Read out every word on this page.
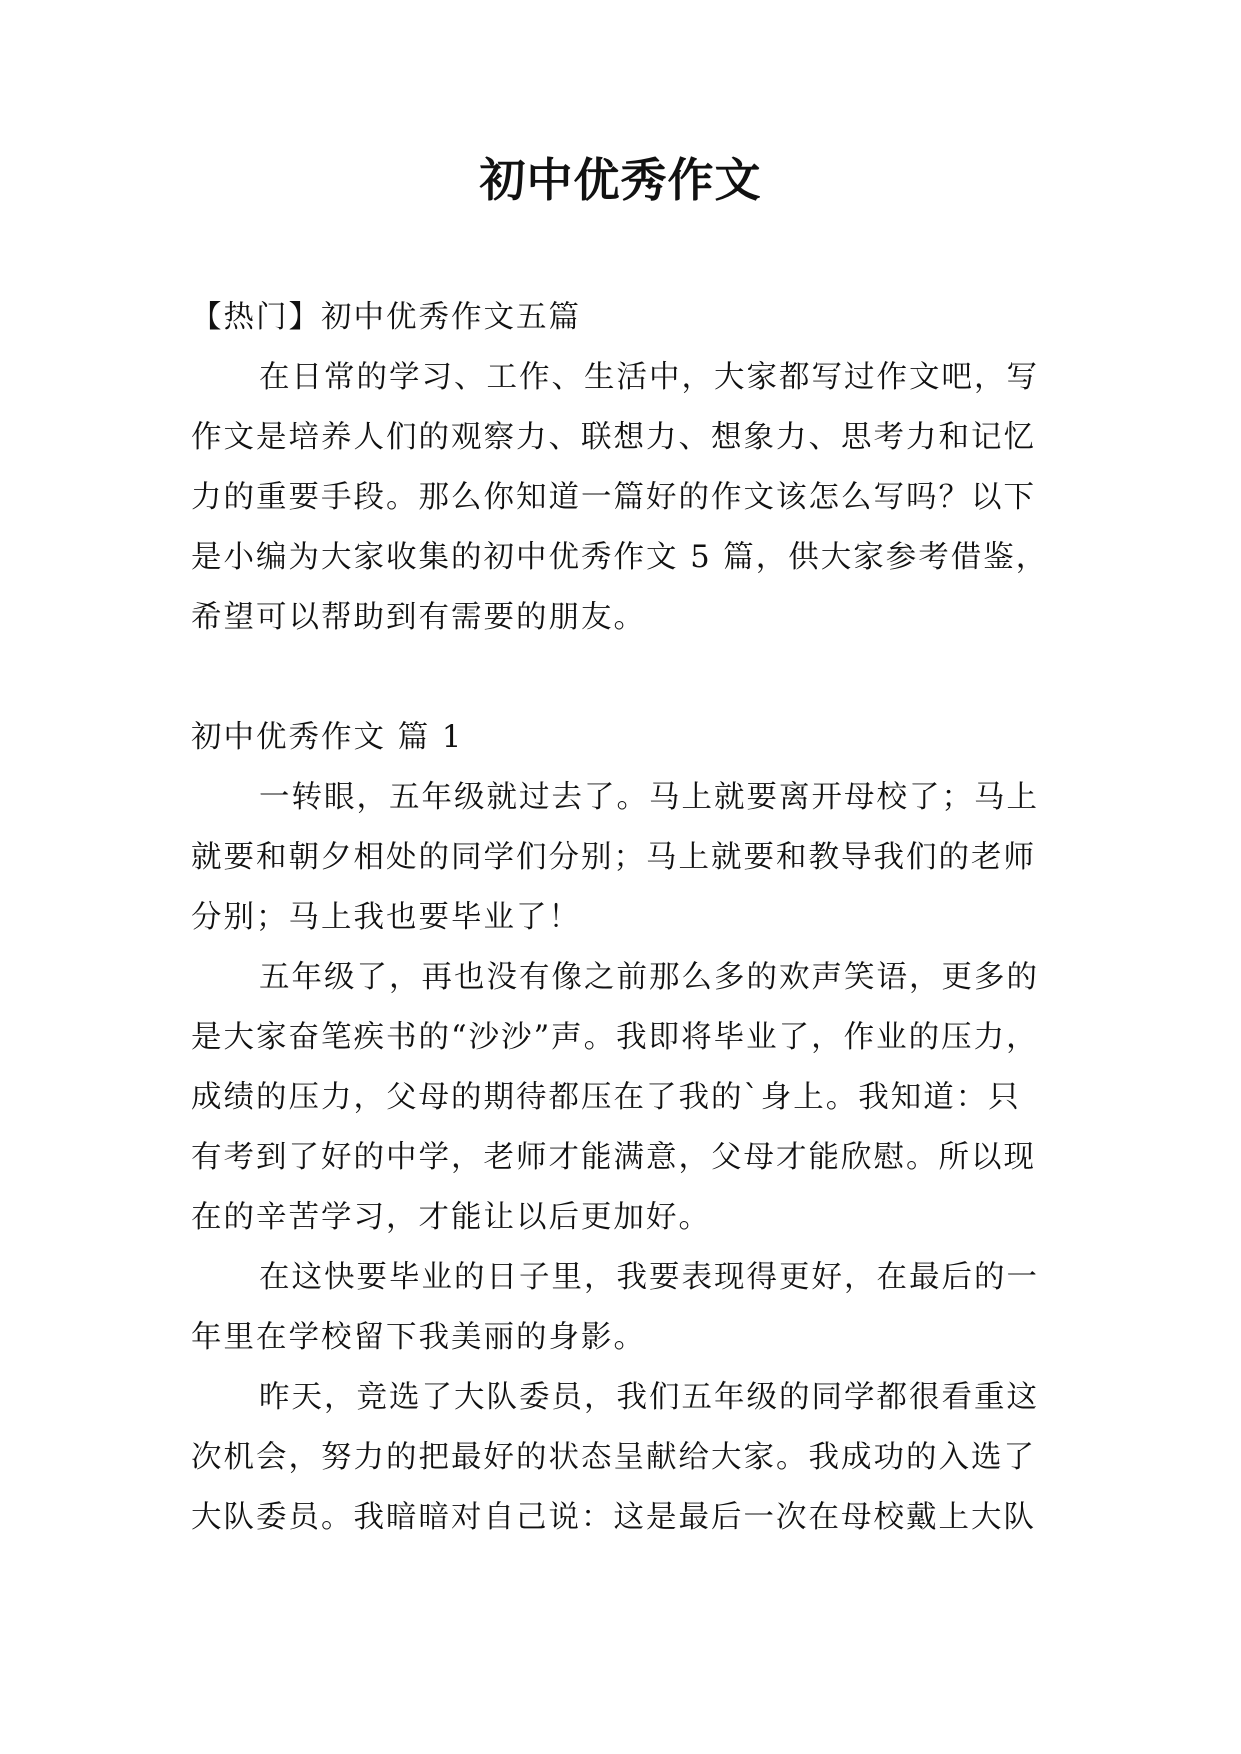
初中优秀作文
【热门】初中优秀作文五篇

在日常的学习、工作、生活中，大家都写过作文吧，写
作文是培养人们的观察力、联想力、想象力、思考力和记忆
力的重要手段。那么你知道一篇好的作文该怎么写吗？以下
是小编为大家收集的初中优秀作文 5 篇，供大家参考借鉴，
希望可以帮助到有需要的朋友。

初中优秀作文 篇 1

一转眼，五年级就过去了。马上就要离开母校了；马上
就要和朝夕相处的同学们分别；马上就要和教导我们的老师
分别；马上我也要毕业了！

五年级了，再也没有像之前那么多的欢声笑语，更多的
是大家奋笔疾书的“沙沙”声。我即将毕业了，作业的压力，
成绩的压力，父母的期待都压在了我的`身上。我知道：只
有考到了好的中学，老师才能满意，父母才能欣慰。所以现
在的辛苦学习，才能让以后更加好。

在这快要毕业的日子里，我要表现得更好，在最后的一
年里在学校留下我美丽的身影。

昨天，竞选了大队委员，我们五年级的同学都很看重这
次机会，努力的把最好的状态呈献给大家。我成功的入选了
大队委员。我暗暗对自己说：这是最后一次在母校戴上大队
